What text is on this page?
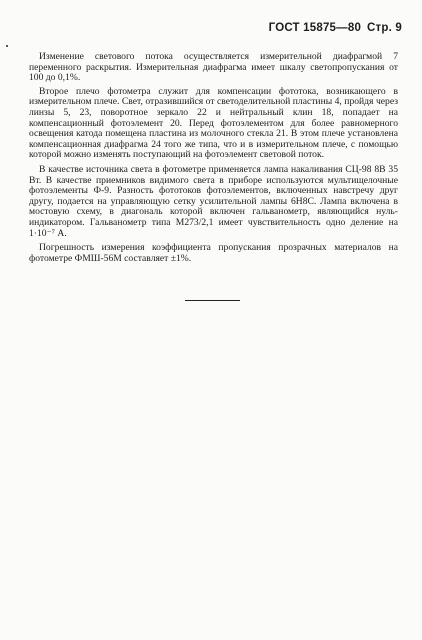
ГОСТ 15875—80 Стр. 9

Изменение светового потока осуществляется измерительной диафрагмой 7 переменного раскрытия. Измерительная диафрагма имеет шкалу светопропускания от 100 до 0,1%.

Второе плечо фотометра служит для компенсации фототока, возникающего в измерительном плече. Свет, отразившийся от светоделительной пластины 4, пройдя через линзы 5, 23, поворотное зеркало 22 и нейтральный клин 18, попадает на компенсационный фотоэлемент 20. Перед фотоэлементом для более равномерного освещения катода помещена пластина из молочного стекла 21. В этом плече установлена компенсационная диафрагма 24 того же типа, что и в измерительном плече, с помощью которой можно изменять поступающий на фотоэлемент световой поток.

В качестве источника света в фотометре применяется лампа накаливания СЦ-98 8В 35 Вт. В качестве приемников видимого света в приборе используются мультищелочные фотоэлементы Ф-9. Разность фототоков фотоэлементов, включенных навстречу друг другу, подается на управляющую сетку усилительной лампы 6Н8С. Лампа включена в мостовую схему, в диагональ которой включен гальванометр, являющийся нуль-индикатором. Гальванометр типа М273/2,1 имеет чувствительность одно деление на 1·10⁻⁷ А.

Погрешность измерения коэффициента пропускания прозрачных материалов на фотометре ФМШ-56М составляет ±1%.
